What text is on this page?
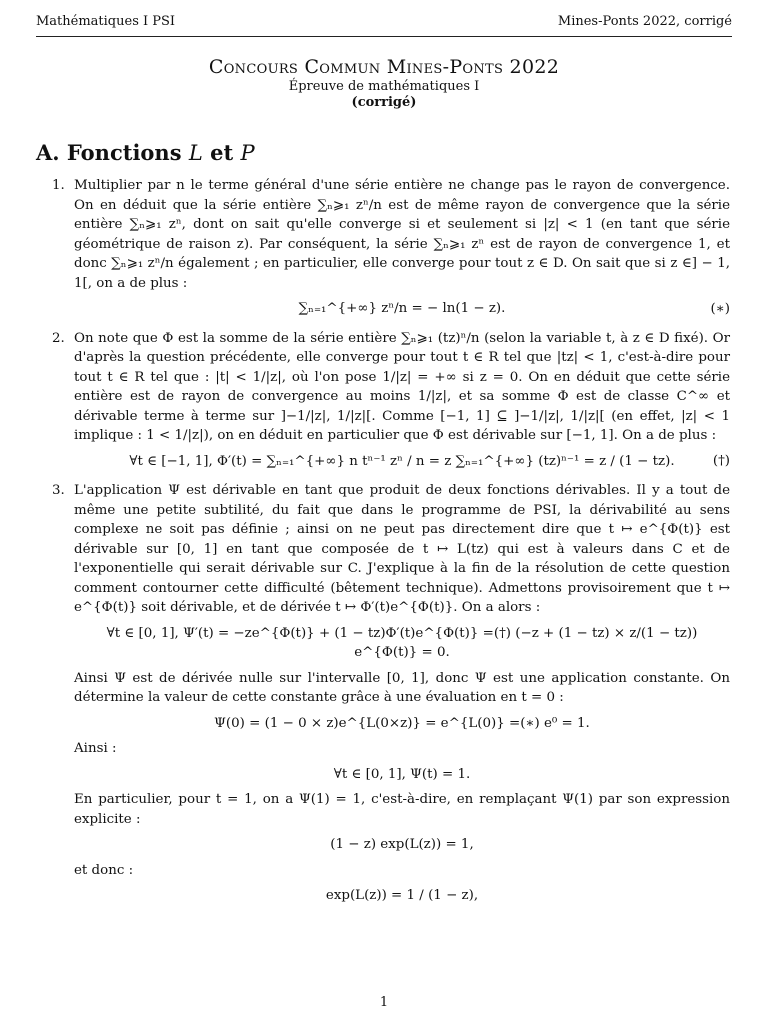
Mathématiques I PSI	Mines-Ponts 2022, corrigé
Concours Commun Mines-Ponts 2022
Épreuve de mathématiques I
(corrigé)
A. Fonctions L et P
1. Multiplier par n le terme général d'une série entière ne change pas le rayon de convergence. On en déduit que la série entière ∑ₙ⩾₁ zⁿ/n est de même rayon de convergence que la série entière ∑ₙ⩾₁ zⁿ, dont on sait qu'elle converge si et seulement si |z| < 1 (en tant que série géométrique de raison z). Par conséquent, la série ∑ₙ⩾₁ zⁿ est de rayon de convergence 1, et donc ∑ₙ⩾₁ zⁿ/n également ; en particulier, elle converge pour tout z ∈ D. On sait que si z ∈] − 1, 1[, on a de plus :

∑ₙ₌₁^{+∞} zⁿ/n = − ln(1 − z).	(∗)
2. On note que Φ est la somme de la série entière ∑ₙ⩾₁ (tz)ⁿ/n (selon la variable t, à z ∈ D fixé). Or d'après la question précédente, elle converge pour tout t ∈ R tel que |tz| < 1, c'est-à-dire pour tout t ∈ R tel que : |t| < 1/|z|, où l'on pose 1/|z| = +∞ si z = 0. On en déduit que cette série entière est de rayon de convergence au moins 1/|z|, et sa somme Φ est de classe C^∞ et dérivable terme à terme sur ]−1/|z|, 1/|z|[. Comme [−1, 1] ⊆ ]−1/|z|, 1/|z|[ (en effet, |z| < 1 implique : 1 < 1/|z|), on en déduit en particulier que Φ est dérivable sur [−1, 1]. On a de plus :

∀t ∈ [−1, 1], Φ′(t) = ∑ₙ₌₁^{+∞} n tⁿ⁻¹ zⁿ / n = z ∑ₙ₌₁^{+∞} (tz)ⁿ⁻¹ = z / (1 − tz).	(†)
3. L'application Ψ est dérivable en tant que produit de deux fonctions dérivables. Il y a tout de même une petite subtilité, du fait que dans le programme de PSI, la dérivabilité au sens complexe ne soit pas définie ; ainsi on ne peut pas directement dire que t ↦ e^{Φ(t)} est dérivable sur [0, 1] en tant que composée de t ↦ L(tz) qui est à valeurs dans C et de l'exponentielle qui serait dérivable sur C. J'explique à la fin de la résolution de cette question comment contourner cette difficulté (bêtement technique). Admettons provisoirement que t ↦ e^{Φ(t)} soit dérivable, et de dérivée t ↦ Φ′(t)e^{Φ(t)}. On a alors :

∀t ∈ [0, 1], Ψ′(t) = −ze^{Φ(t)} + (1 − tz)Φ′(t)e^{Φ(t)} =(†) (−z + (1 − tz) × z/(1 − tz)) e^{Φ(t)} = 0.

Ainsi Ψ est de dérivée nulle sur l'intervalle [0, 1], donc Ψ est une application constante. On détermine la valeur de cette constante grâce à une évaluation en t = 0 :

Ψ(0) = (1 − 0 × z)e^{L(0×z)} = e^{L(0)} =(∗) e⁰ = 1.

Ainsi :

∀t ∈ [0, 1], Ψ(t) = 1.

En particulier, pour t = 1, on a Ψ(1) = 1, c'est-à-dire, en remplaçant Ψ(1) par son expression explicite :

(1 − z) exp(L(z)) = 1,

et donc :

exp(L(z)) = 1 / (1 − z),
1
